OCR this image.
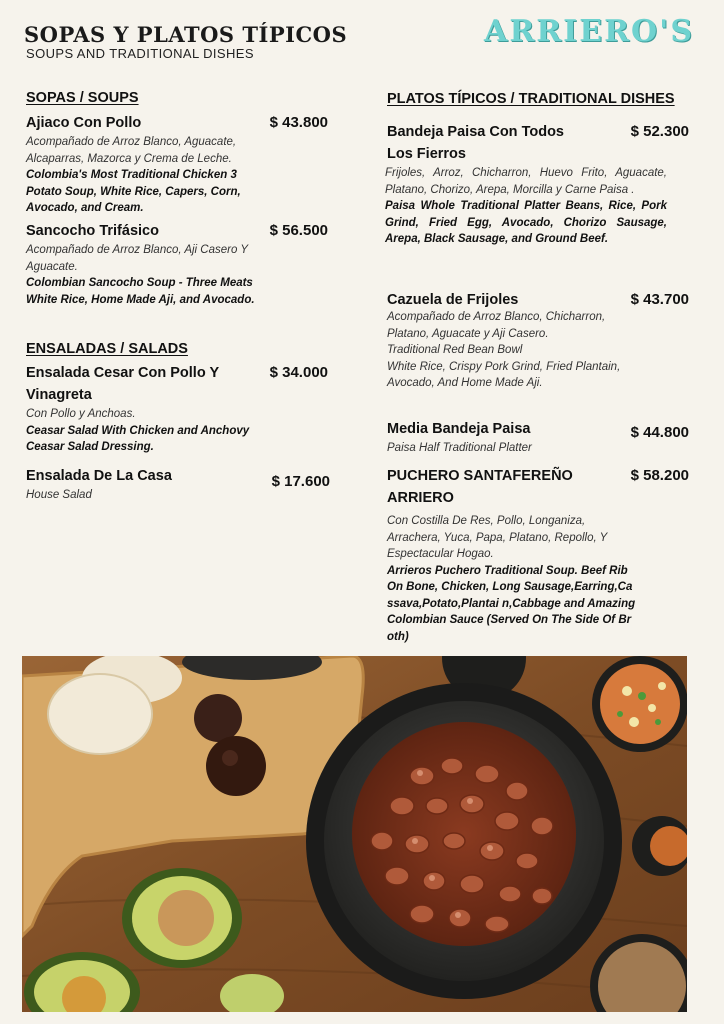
SOPAS Y PLATOS TÍPICOS
SOUPS AND TRADITIONAL DISHES
ARRIERO'S
SOPAS / SOUPS
Ajiaco Con Pollo	$ 43.800
Acompañado de Arroz Blanco, Aguacate, Alcaparras, Mazorca y Crema de Leche.
Colombia's Most Traditional Chicken 3 Potato Soup, White Rice, Capers, Corn, Avocado, and Cream.
Sancocho Trifásico	$ 56.500
Acompañado de Arroz Blanco, Aji Casero Y Aguacate.
Colombian Sancocho Soup - Three Meats White Rice, Home Made Aji, and Avocado.
ENSALADAS / SALADS
Ensalada Cesar Con Pollo Y Vinagreta
$ 34.000
Con Pollo y Anchoas.
Ceasar Salad With Chicken and Anchovy Ceasar Salad Dressing.
Ensalada De La Casa	$ 17.600
House Salad
PLATOS TÍPICOS / TRADITIONAL DISHES
Bandeja Paisa Con Todos Los Fierros
$ 52.300
Frijoles, Arroz, Chicharron, Huevo Frito, Aguacate, Platano, Chorizo, Arepa, Morcilla y Carne Paisa .
Paisa Whole Traditional Platter Beans, Rice, Pork Grind, Fried Egg, Avocado, Chorizo Sausage, Arepa, Black Sausage, and Ground Beef.
Cazuela de Frijoles	$ 43.700
Acompañado de Arroz Blanco, Chicharron, Platano, Aguacate y Aji Casero.
Traditional Red Bean Bowl
White Rice, Crispy Pork Grind, Fried Plantain,
Avocado, And Home Made Aji.
Media Bandeja Paisa	$ 44.800
Paisa Half Traditional Platter
PUCHERO SANTAFEREÑO ARRIERO
$ 58.200
Con Costilla De Res, Pollo, Longaniza, Arrachera, Yuca, Papa, Platano, Repollo, Y Espectacular Hogao.
Arrieros Puchero Traditional Soup. Beef Rib On Bone, Chicken, Long Sausage,Earring,Cassava,Potato,Plantai n,Cabbage and Amazing Colombian Sauce (Served On The Side Of Broth)
